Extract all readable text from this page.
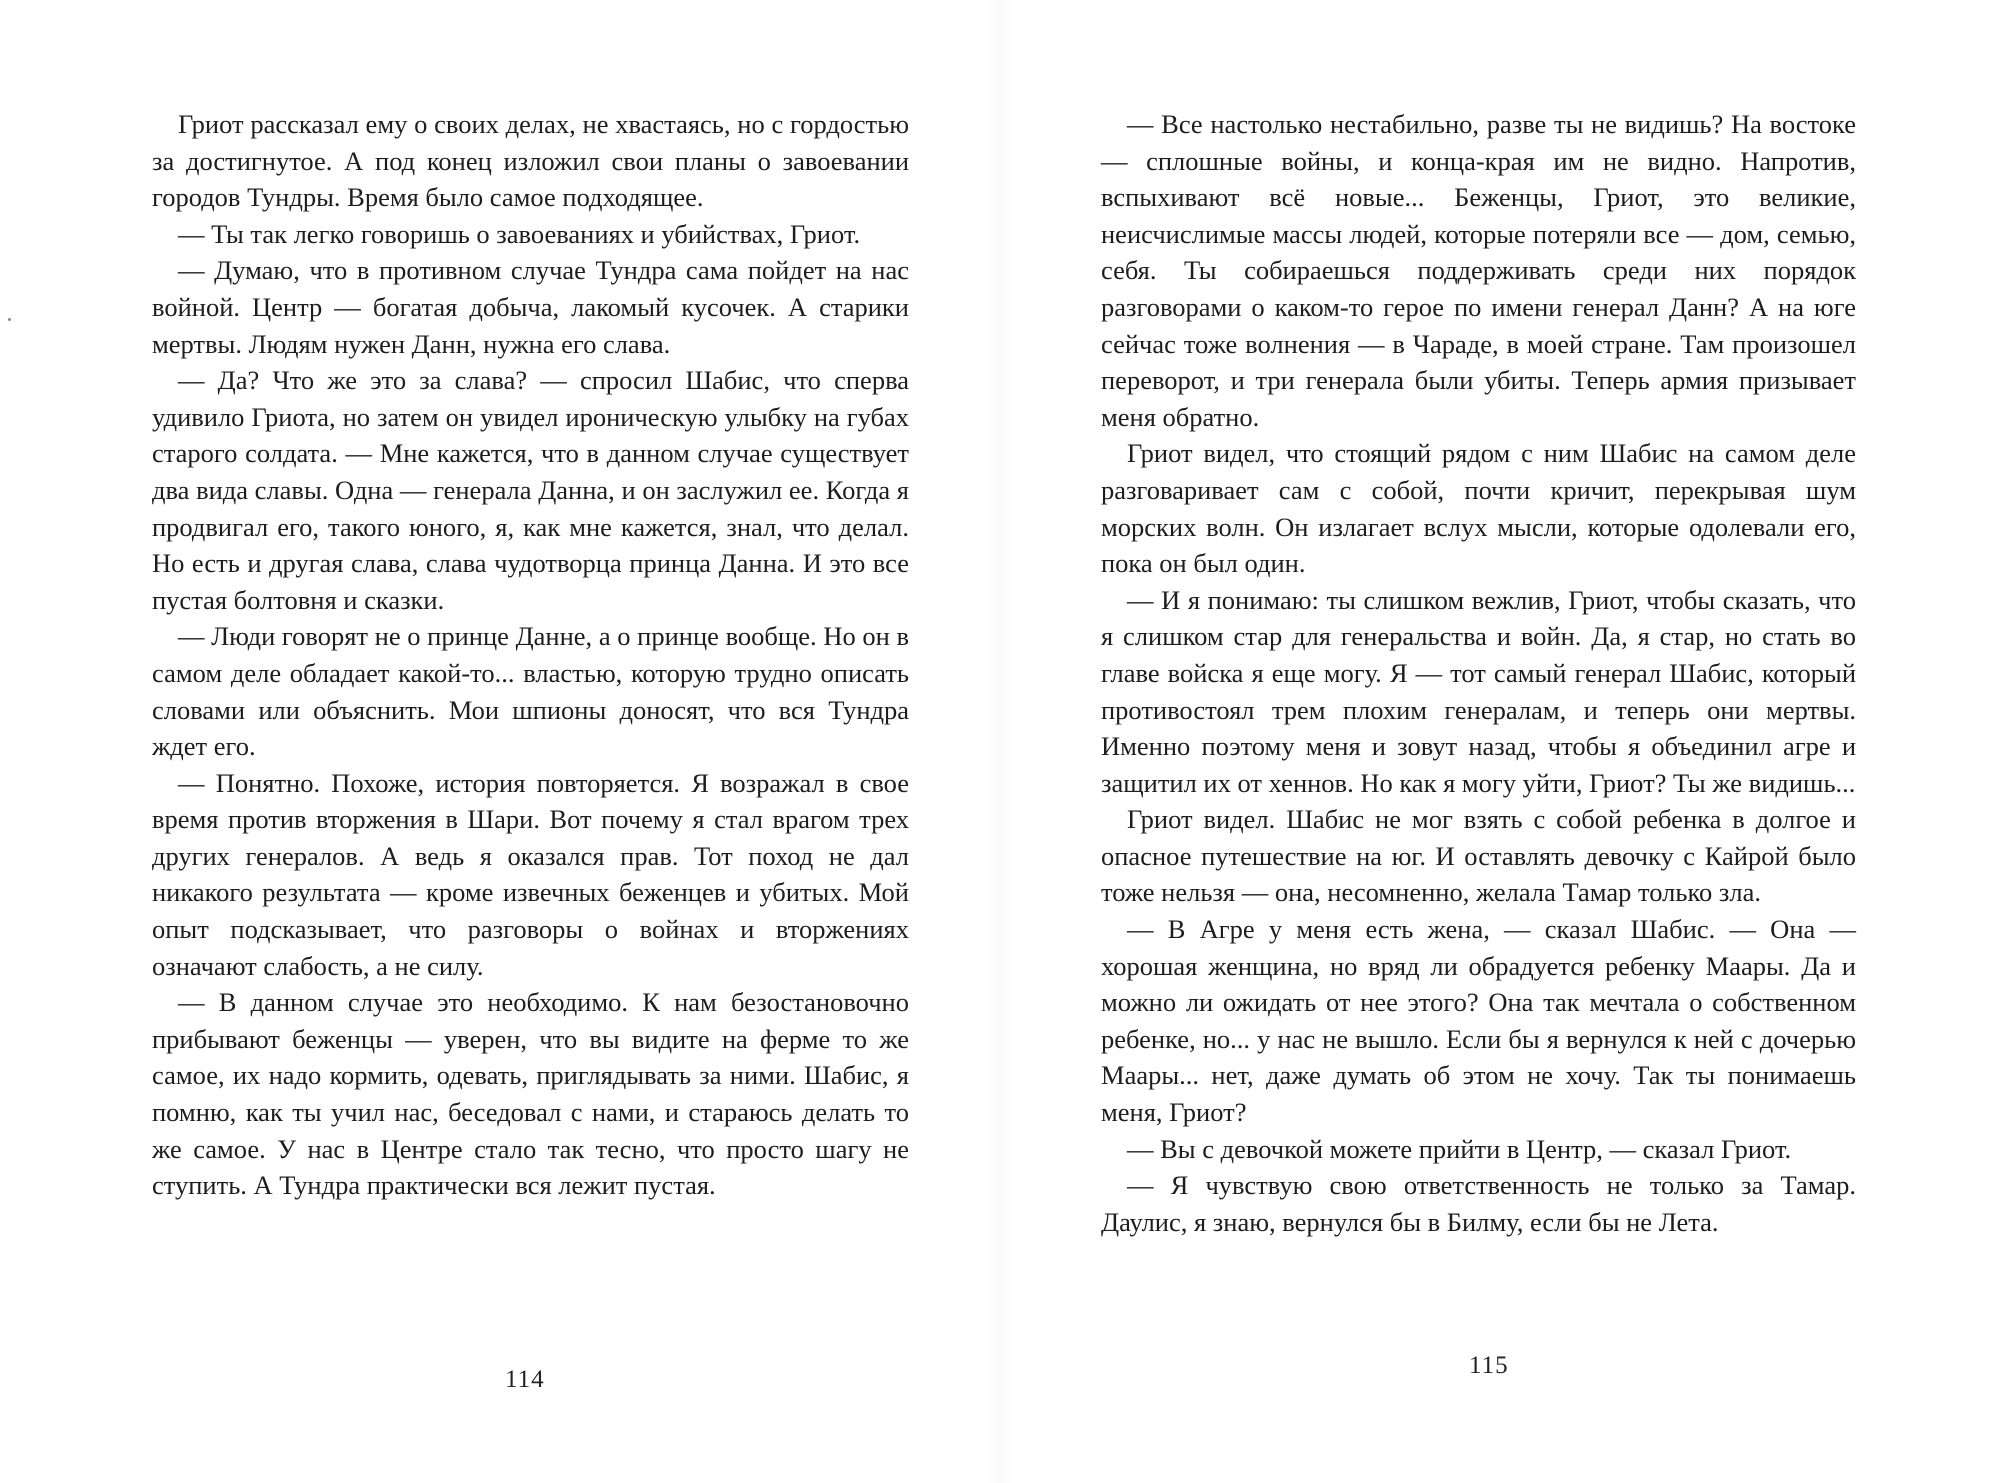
Гриот рассказал ему о своих делах, не хвастаясь, но с гордостью за достигнутое. А под конец изложил свои планы о завоевании городов Тундры. Время было самое подходящее.

— Ты так легко говоришь о завоеваниях и убийствах, Гриот.

— Думаю, что в противном случае Тундра сама пойдет на нас войной. Центр — богатая добыча, лакомый кусочек. А старики мертвы. Людям нужен Данн, нужна его слава.

— Да? Что же это за слава? — спросил Шабис, что сперва удивило Гриота, но затем он увидел ироническую улыбку на губах старого солдата. — Мне кажется, что в данном случае существует два вида славы. Одна — генерала Данна, и он заслужил ее. Когда я продвигал его, такого юного, я, как мне кажется, знал, что делал. Но есть и другая слава, слава чудотворца принца Данна. И это все пустая болтовня и сказки.

— Люди говорят не о принце Данне, а о принце вообще. Но он в самом деле обладает какой-то... властью, которую трудно описать словами или объяснить. Мои шпионы доносят, что вся Тундра ждет его.

— Понятно. Похоже, история повторяется. Я возражал в свое время против вторжения в Шари. Вот почему я стал врагом трех других генералов. А ведь я оказался прав. Тот поход не дал никакого результата — кроме извечных беженцев и убитых. Мой опыт подсказывает, что разговоры о войнах и вторжениях означают слабость, а не силу.

— В данном случае это необходимо. К нам безостановочно прибывают беженцы — уверен, что вы видите на ферме то же самое, их надо кормить, одевать, приглядывать за ними. Шабис, я помню, как ты учил нас, беседовал с нами, и стараюсь делать то же самое. У нас в Центре стало так тесно, что просто шагу не ступить. А Тундра практически вся лежит пустая.

114

— Все настолько нестабильно, разве ты не видишь? На востоке — сплошные войны, и конца-края им не видно. Напротив, вспыхивают всё новые... Беженцы, Гриот, это великие, неисчислимые массы людей, которые потеряли все — дом, семью, себя. Ты собираешься поддерживать среди них порядок разговорами о каком-то герое по имени генерал Данн? А на юге сейчас тоже волнения — в Чараде, в моей стране. Там произошел переворот, и три генерала были убиты. Теперь армия призывает меня обратно.

Гриот видел, что стоящий рядом с ним Шабис на самом деле разговаривает сам с собой, почти кричит, перекрывая шум морских волн. Он излагает вслух мысли, которые одолевали его, пока он был один.

— И я понимаю: ты слишком вежлив, Гриот, чтобы сказать, что я слишком стар для генеральства и войн. Да, я стар, но стать во главе войска я еще могу. Я — тот самый генерал Шабис, который противостоял трем плохим генералам, и теперь они мертвы. Именно поэтому меня и зовут назад, чтобы я объединил агре и защитил их от хеннов. Но как я могу уйти, Гриот? Ты же видишь...

Гриот видел. Шабис не мог взять с собой ребенка в долгое и опасное путешествие на юг. И оставлять девочку с Кайрой было тоже нельзя — она, несомненно, желала Тамар только зла.

— В Агре у меня есть жена, — сказал Шабис. — Она — хорошая женщина, но вряд ли обрадуется ребенку Маары. Да и можно ли ожидать от нее этого? Она так мечтала о собственном ребенке, но... у нас не вышло. Если бы я вернулся к ней с дочерью Маары... нет, даже думать об этом не хочу. Так ты понимаешь меня, Гриот?

— Вы с девочкой можете прийти в Центр, — сказал Гриот.

— Я чувствую свою ответственность не только за Тамар. Даулис, я знаю, вернулся бы в Билму, если бы не Лета.

115
